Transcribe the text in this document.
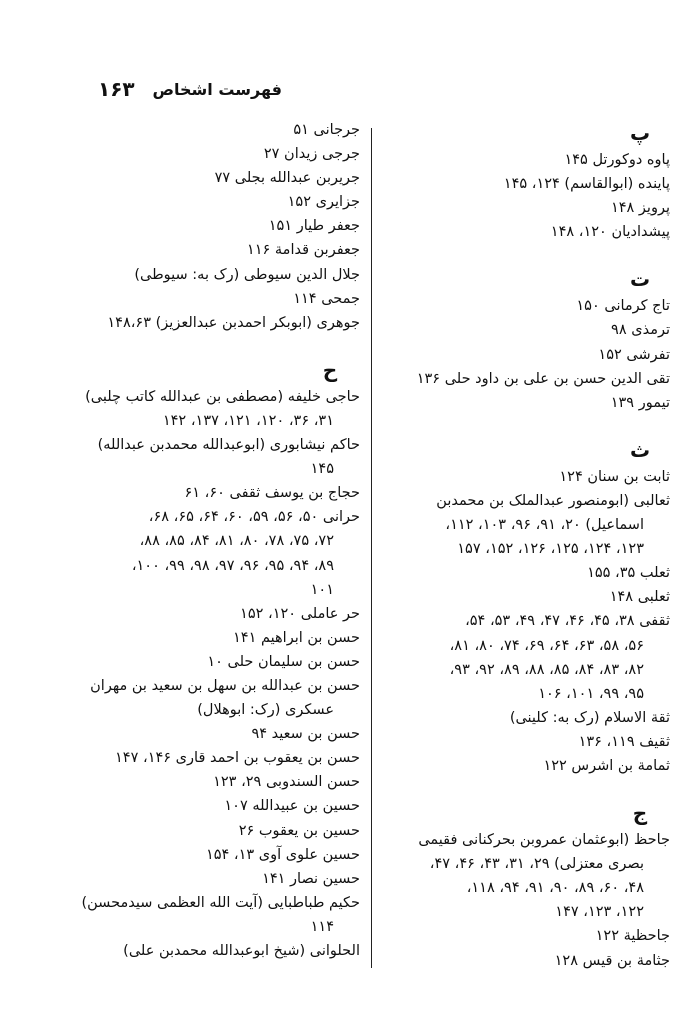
فهرست اشخاص
۱۶۳
پ
پاوه دوکورتل ۱۴۵
پاینده (ابوالقاسم) ۱۲۴، ۱۴۵
پرویز ۱۴۸
پیشدادیان ۱۲۰، ۱۴۸
ت
تاج کرمانی ۱۵۰
ترمذی ۹۸
تفرشی ۱۵۲
تقی الدین حسن بن علی بن داود حلی ۱۳۶
تیمور ۱۳۹
ث
ثابت بن سنان ۱۲۴
ثعالبی (ابومنصور عبدالملک بن محمدبن
اسماعیل) ۲۰، ۹۱، ۹۶، ۱۰۳، ۱۱۲،
۱۲۳، ۱۲۴، ۱۲۵، ۱۲۶، ۱۵۲، ۱۵۷
ثعلب ۳۵، ۱۵۵
ثعلبی ۱۴۸
ثقفی ۳۸، ۴۵، ۴۶، ۴۷، ۴۹، ۵۳، ۵۴،
۵۶، ۵۸، ۶۳، ۶۴، ۶۹، ۷۴، ۸۰، ۸۱،
۸۲، ۸۳، ۸۴، ۸۵، ۸۸، ۸۹، ۹۲، ۹۳،
۹۵، ۹۹، ۱۰۱، ۱۰۶
ثقة الاسلام (رک به: کلینی)
ثقیف ۱۱۹، ۱۳۶
ثمامة بن اشرس ۱۲۲
ج
جاحظ (ابوعثمان عمروبن بحرکنانی فقیمی
بصری معتزلی) ۲۹، ۳۱، ۴۳، ۴۶، ۴۷،
۴۸، ۶۰، ۸۹، ۹۰، ۹۱، ۹۴، ۱۱۸،
۱۲۲، ۱۲۳، ۱۴۷
جاحظیة ۱۲۲
جثامة بن قیس ۱۲۸
جرجانی ۵۱
جرجی زیدان ۲۷
جریربن عبدالله بجلی ۷۷
جزایری ۱۵۲
جعفر طیار ۱۵۱
جعفربن قدامة ۱۱۶
جلال الدین سیوطی (رک به: سیوطی)
جمحی ۱۱۴
جوهری (ابوبکر احمدبن عبدالعزیز) ۱۴۸،۶۳
ح
حاجی خلیفه (مصطفی بن عبدالله کاتب چلبی)
۳۱، ۳۶، ۱۲۰، ۱۲۱، ۱۳۷، ۱۴۲
حاکم نیشابوری (ابوعبدالله محمدبن عبدالله)
۱۴۵
حجاج بن یوسف ثقفی ۶۰، ۶۱
حرانی ۵۰، ۵۶، ۵۹، ۶۰، ۶۴، ۶۵، ۶۸،
۷۲، ۷۵، ۷۸، ۸۰، ۸۱، ۸۴، ۸۵، ۸۸،
۸۹، ۹۴، ۹۵، ۹۶، ۹۷، ۹۸، ۹۹، ۱۰۰،
۱۰۱
حر عاملی ۱۲۰، ۱۵۲
حسن بن ابراهیم ۱۴۱
حسن بن سلیمان حلی ۱۰
حسن بن عبدالله بن سهل بن سعید بن مهران
عسکری (رک: ابوهلال)
حسن بن سعید ۹۴
حسن بن یعقوب بن احمد قاری ۱۴۶، ۱۴۷
حسن السندوبی ۲۹، ۱۲۳
حسین بن عبیدالله ۱۰۷
حسین بن یعقوب ۲۶
حسین علوی آوی ۱۳، ۱۵۴
حسین نصار ۱۴۱
حکیم طباطبایی (آیت الله العظمی سیدمحسن)
۱۱۴
الحلوانی (شیخ ابوعبدالله محمدبن علی)
